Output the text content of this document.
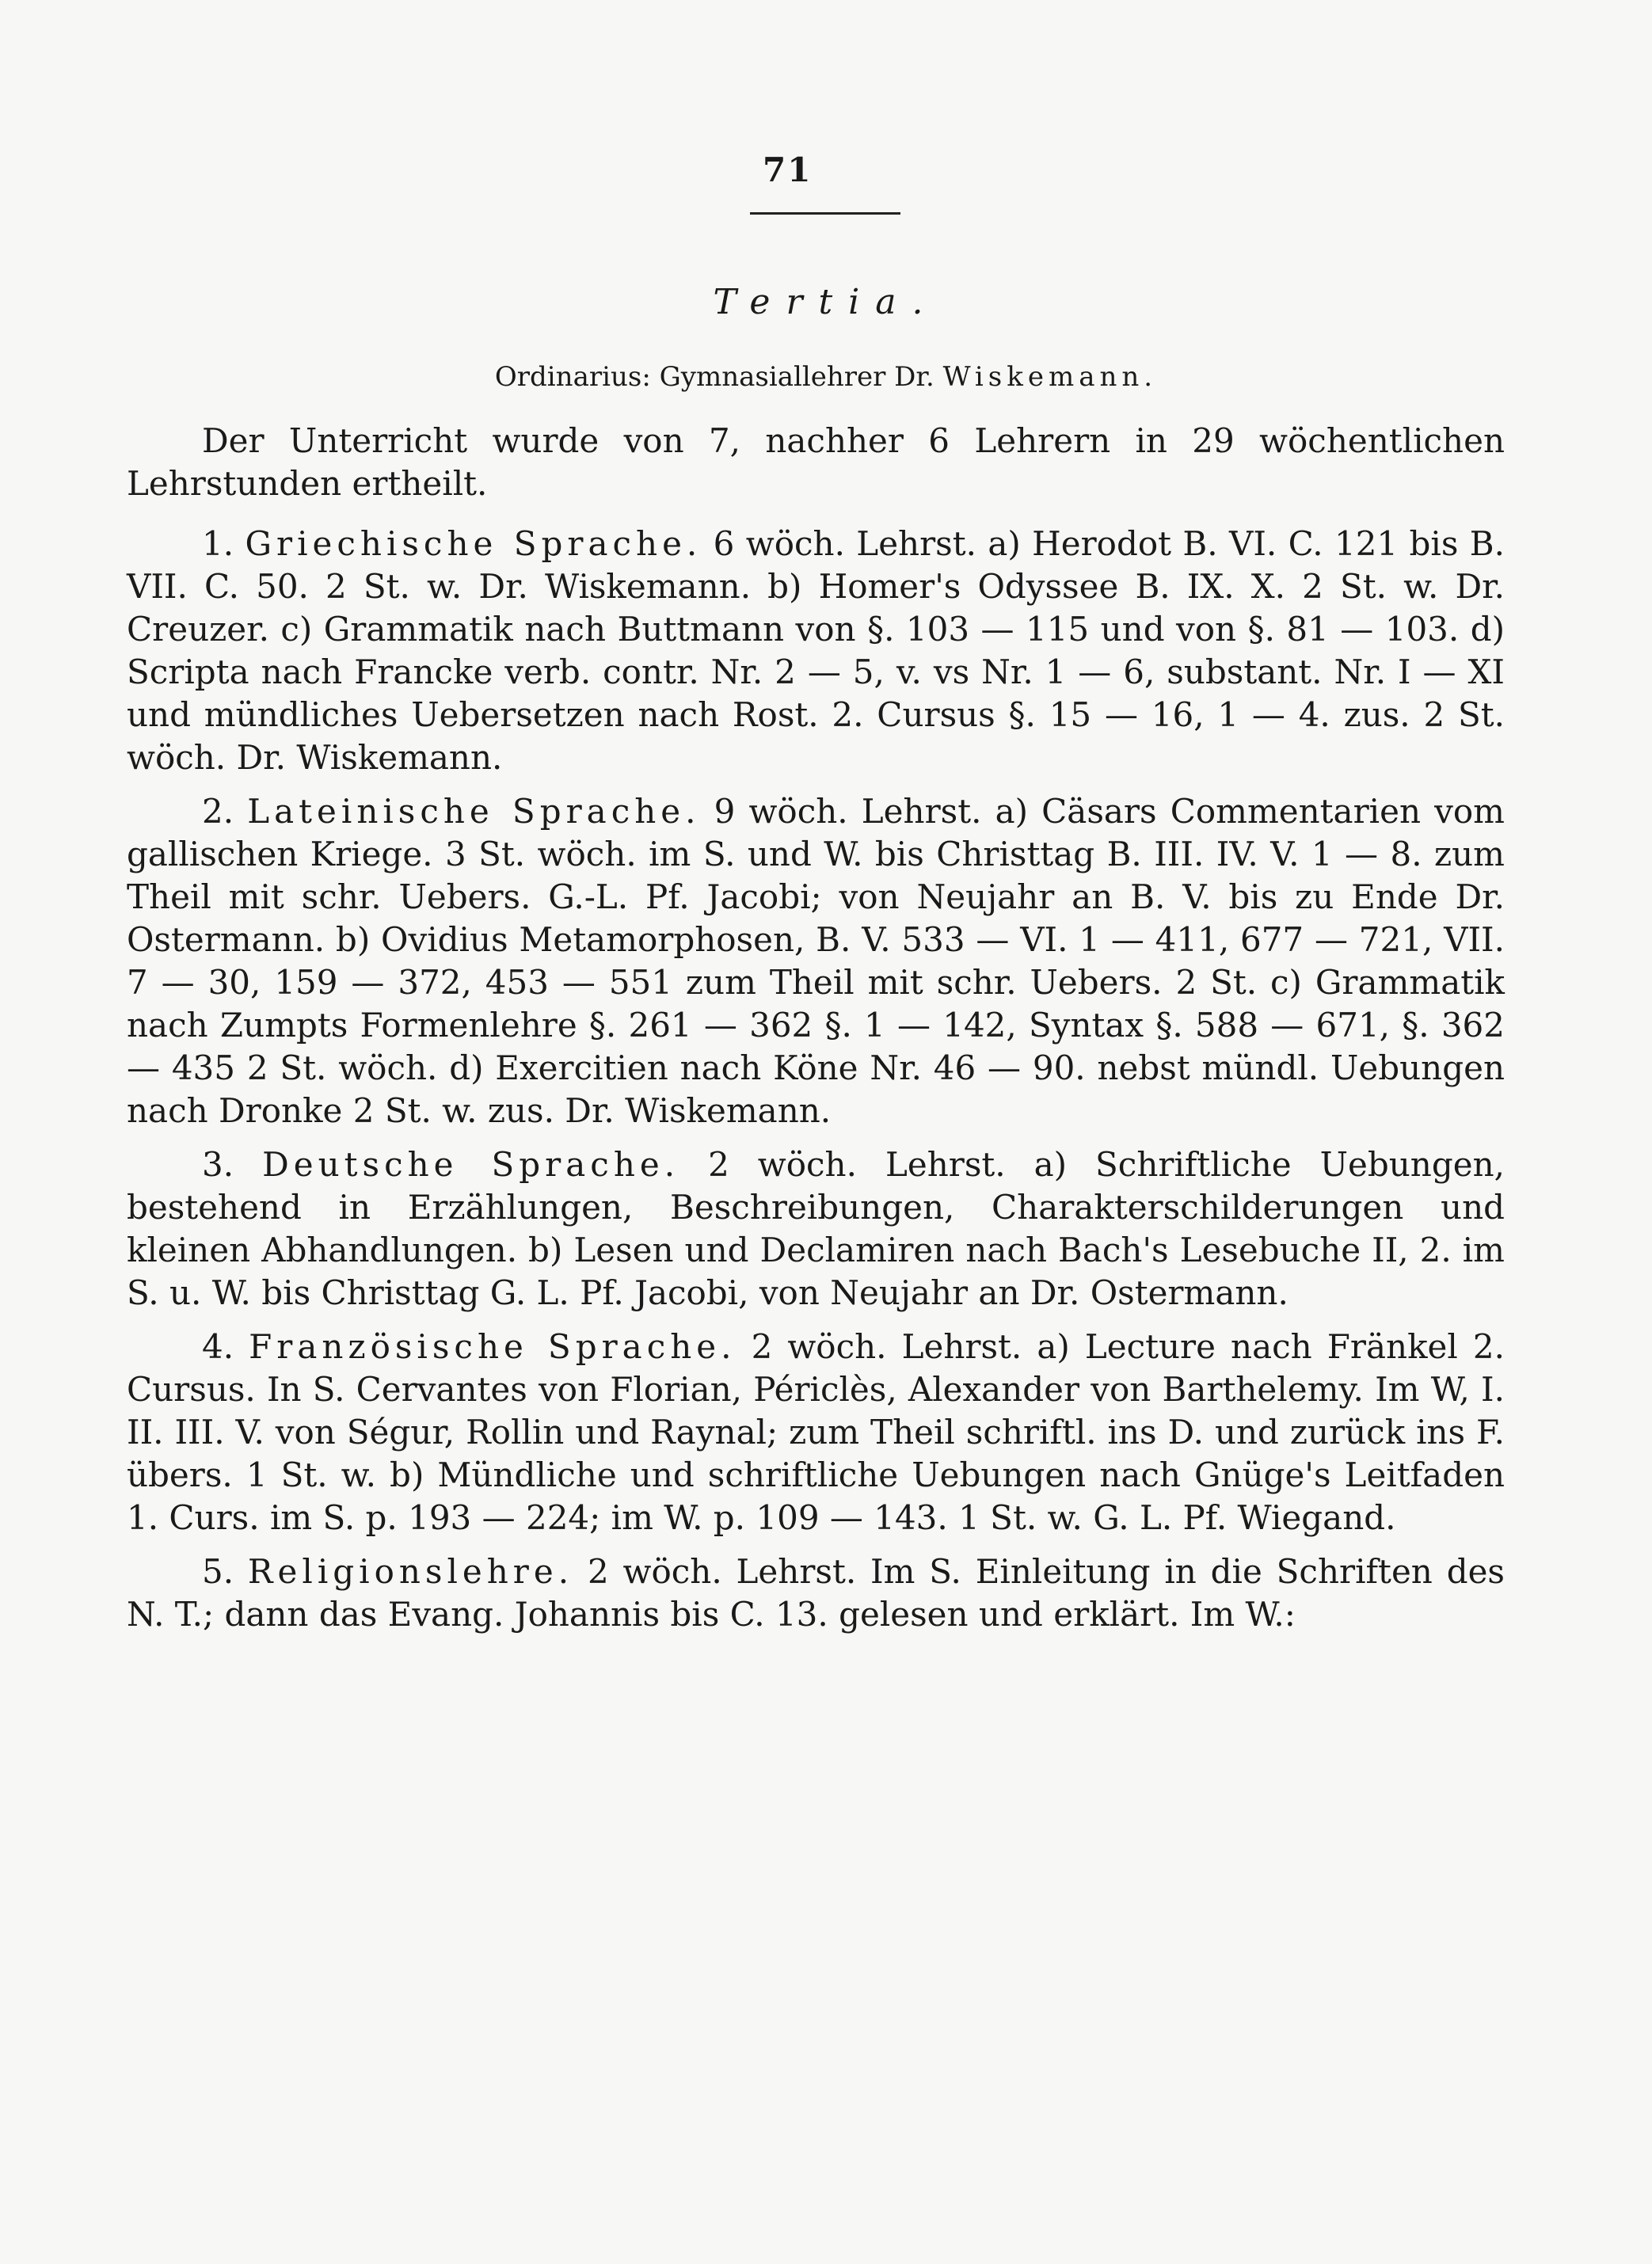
71
Tertia.
Ordinarius: Gymnasiallehrer Dr. Wiskemann.

Der Unterricht wurde von 7, nachher 6 Lehrern in 29 wöchentlichen Lehrstunden ertheilt.

1. Griechische Sprache. 6 wöch. Lehrst. a) Herodot B. VI. C. 121 bis B. VII. C. 50. 2 St. w. Dr. Wiskemann. b) Homer's Odyssee B. IX. X. 2 St. w. Dr. Creuzer. c) Grammatik nach Buttmann von §. 103 — 115 und von §. 81 — 103. d) Scripta nach Francke verb. contr. Nr. 2 — 5, v. vs Nr. 1 — 6, substant. Nr. I — XI und mündliches Uebersetzen nach Rost. 2. Cursus §. 15 — 16, 1 — 4. zus. 2 St. wöch. Dr. Wiskemann.

2. Lateinische Sprache. 9 wöch. Lehrst. a) Cäsars Commentarien vom gallischen Kriege. 3 St. wöch. im S. und W. bis Christtag B. III. IV. V. 1 — 8. zum Theil mit schr. Uebers. G.-L. Pf. Jacobi; von Neujahr an B. V. bis zu Ende Dr. Ostermann. b) Ovidius Metamorphosen, B. V. 533 — VI. 1 — 411, 677 — 721, VII. 7 — 30, 159 — 372, 453 — 551 zum Theil mit schr. Uebers. 2 St. c) Grammatik nach Zumpts Formenlehre §. 261 — 362 §. 1 — 142, Syntax §. 588 — 671, §. 362 — 435 2 St. wöch. d) Exercitien nach Köne Nr. 46 — 90. nebst mündl. Uebungen nach Dronke 2 St. w. zus. Dr. Wiskemann.

3. Deutsche Sprache. 2 wöch. Lehrst. a) Schriftliche Uebungen, bestehend in Erzählungen, Beschreibungen, Charakterschilderungen und kleinen Abhandlungen. b) Lesen und Declamiren nach Bach's Lesebuche II, 2. im S. u. W. bis Christtag G. L. Pf. Jacobi, von Neujahr an Dr. Ostermann.

4. Französische Sprache. 2 wöch. Lehrst. a) Lecture nach Fränkel 2. Cursus. In S. Cervantes von Florian, Périclès, Alexander von Barthelemy. Im W, I. II. III. V. von Ségur, Rollin und Raynal; zum Theil schriftl. ins D. und zurück ins F. übers. 1 St. w. b) Mündliche und schriftliche Uebungen nach Gnüge's Leitfaden 1. Curs. im S. p. 193 — 224; im W. p. 109 — 143. 1 St. w. G. L. Pf. Wiegand.

5. Religionslehre. 2 wöch. Lehrst. Im S. Einleitung in die Schriften des N. T.; dann das Evang. Johannis bis C. 13. gelesen und erklärt. Im W.:
